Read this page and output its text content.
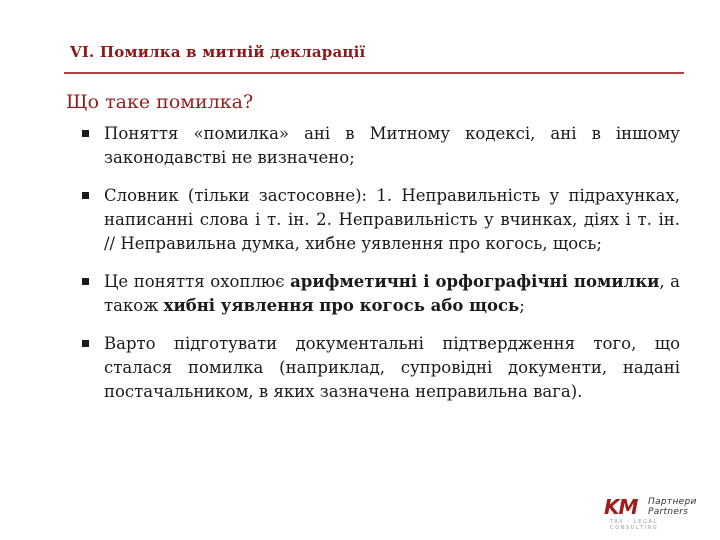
VI. Помилка в митній декларації
Що таке помилка?
Поняття «помилка» ані в Митному кодексі, ані в іншому законодавстві не визначено;
Словник (тільки застосовне): 1. Неправильність у підрахунках, написанні слова і т. ін. 2. Неправильність у вчинках, діях і т. ін. // Неправильна думка, хибне уявлення про когось, щось;
Це поняття охоплює арифметичні і орфографічні помилки, а також хибні уявлення про когось або щось;
Варто підготувати документальні підтвердження того, що сталася помилка (наприклад, супровідні документи, надані постачальником, в яких зазначена неправильна вага).
KM Партнери
Partners
TAX · LEGAL · CONSULTING
